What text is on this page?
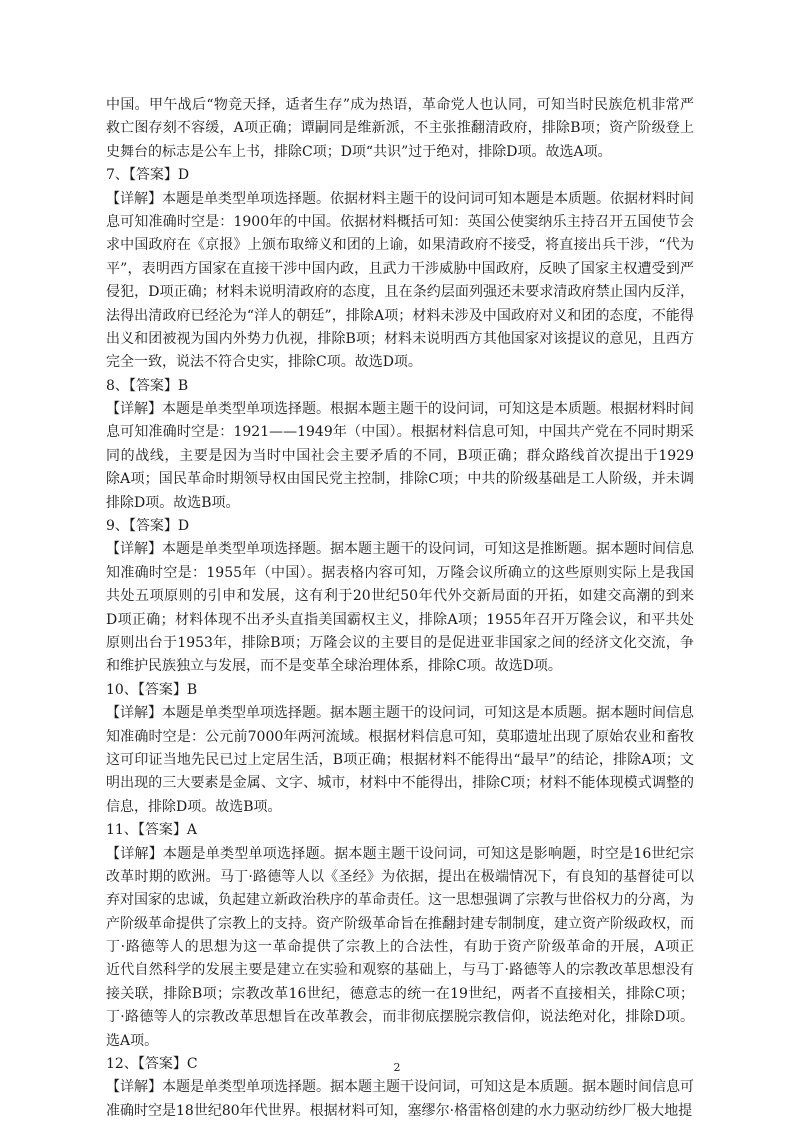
中国。甲午战后“物竞天择，适者生存”成为热语，革命党人也认同，可知当时民族危机非常严
救亡图存刻不容缓，A项正确；谭嗣同是维新派，不主张推翻清政府，排除B项；资产阶级登上
史舞台的标志是公车上书，排除C项；D项“共识”过于绝对，排除D项。故选A项。
7、【答案】D
【详解】本题是单类型单项选择题。依据材料主题干的设问词可知本题是本质题。依据材料时间
息可知准确时空是：1900年的中国。依据材料概括可知：英国公使窦纳乐主持召开五国使节会
求中国政府在《京报》上颁布取缔义和团的上谕，如果清政府不接受，将直接出兵干涉，“代为
平”，表明西方国家在直接干涉中国内政，且武力干涉威胁中国政府，反映了国家主权遭受到严
侵犯，D项正确；材料未说明清政府的态度，且在条约层面列强还未要求清政府禁止国内反洋，
法得出清政府已经沦为“洋人的朝廷”，排除A项；材料未涉及中国政府对义和团的态度，不能得
出义和团被视为国内外势力仇视，排除B项；材料未说明西方其他国家对该提议的意见，且西方
完全一致，说法不符合史实，排除C项。故选D项。
8、【答案】B
【详解】本题是单类型单项选择题。根据本题主题干的设问词，可知这是本质题。根据材料时间
息可知准确时空是：1921——1949年（中国）。根据材料信息可知，中国共产党在不同时期采
同的战线，主要是因为当时中国社会主要矛盾的不同，B项正确；群众路线首次提出于1929
除A项；国民革命时期领导权由国民党主控制，排除C项；中共的阶级基础是工人阶级，并未调
排除D项。故选B项。
9、【答案】D
【详解】本题是单类型单项选择题。据本题主题干的设问词，可知这是推断题。据本题时间信息
知准确时空是：1955年（中国）。据表格内容可知，万隆会议所确立的这些原则实际上是我国
共处五项原则的引申和发展，这有利于20世纪50年代外交新局面的开拓，如建交高潮的到来
D项正确；材料体现不出矛头直指美国霸权主义，排除A项；1955年召开万隆会议，和平共处
原则出台于1953年，排除B项；万隆会议的主要目的是促进亚非国家之间的经济文化交流，争
和维护民族独立与发展，而不是变革全球治理体系，排除C项。故选D项。
10、【答案】B
【详解】本题是单类型单项选择题。据本题主题干的设问词，可知这是本质题。据本题时间信息
知准确时空是：公元前7000年两河流域。根据材料信息可知，莫耶遗址出现了原始农业和畜牧
这可印证当地先民已过上定居生活，B项正确；根据材料不能得出“最早”的结论，排除A项；文
明出现的三大要素是金属、文字、城市，材料中不能得出，排除C项；材料不能体现模式调整的
信息，排除D项。故选B项。
11、【答案】A
【详解】本题是单类型单项选择题。据本题主题干设问词，可知这是影响题，时空是16世纪宗
改革时期的欧洲。马丁·路德等人以《圣经》为依据，提出在极端情况下，有良知的基督徒可以
弃对国家的忠诚，负起建立新政治秩序的革命责任。这一思想强调了宗教与世俗权力的分离，为
产阶级革命提供了宗教上的支持。资产阶级革命旨在推翻封建专制制度，建立资产阶级政权，而
丁·路德等人的思想为这一革命提供了宗教上的合法性，有助于资产阶级革命的开展，A项正
近代自然科学的发展主要是建立在实验和观察的基础上，与马丁·路德等人的宗教改革思想没有
接关联，排除B项；宗教改革16世纪，德意志的统一在19世纪，两者不直接相关，排除C项；
丁·路德等人的宗教改革思想旨在改革教会，而非彻底摆脱宗教信仰，说法绝对化，排除D项。
选A项。
12、【答案】C
【详解】本题是单类型单项选择题。据本题主题干设问词，可知这是本质题。据本题时间信息可
准确时空是18世纪80年代世界。根据材料可知，塞缪尔·格雷格创建的水力驱动纺纱厂极大地提
2
